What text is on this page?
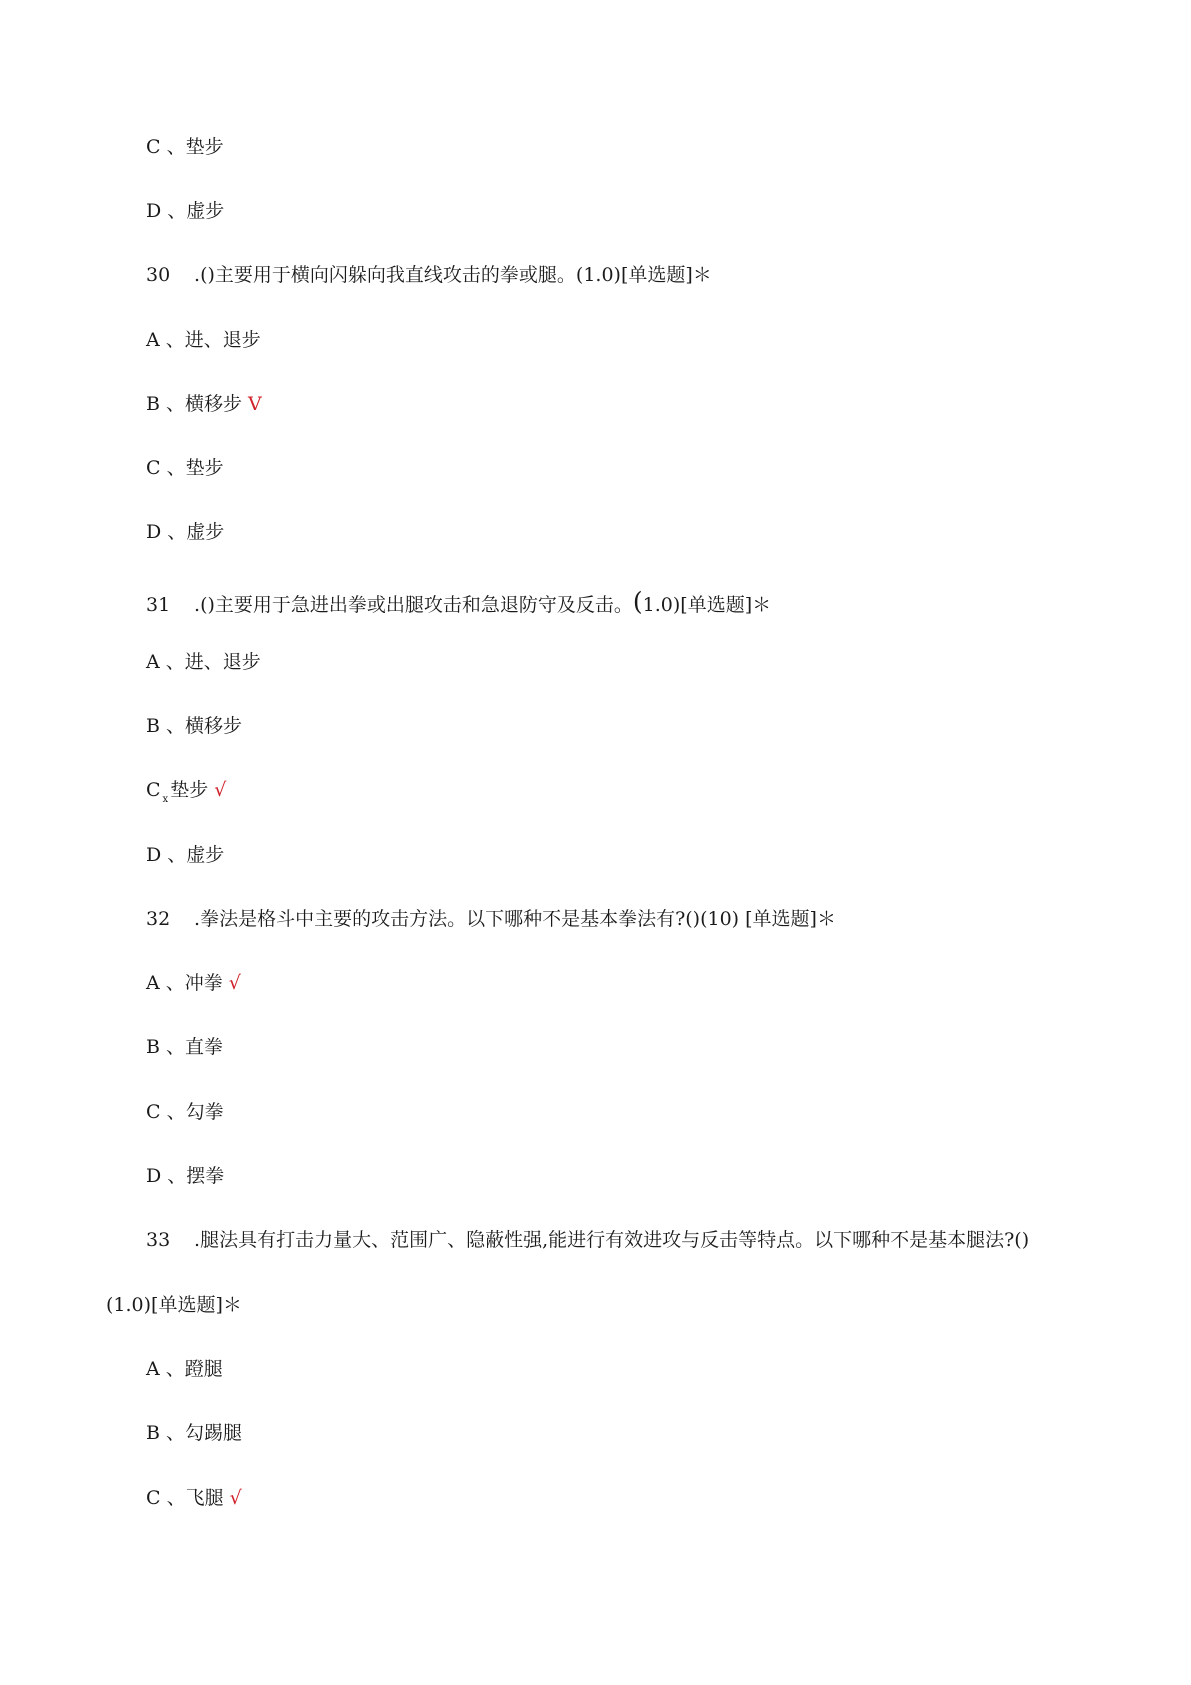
C 、垫步
D 、虚步
30 .()主要用于横向闪躲向我直线攻击的拳或腿。(1.0)[单选题]＊
A 、进、退步
B 、横移步 V
C 、垫步
D 、虚步
31 .()主要用于急进出拳或出腿攻击和急退防守及反击。(1.0)[单选题]＊
A 、进、退步
B 、横移步
C $_x$ 垫步 √
D 、虚步
32 .拳法是格斗中主要的攻击方法。以下哪种不是基本拳法有?()(10) [单选题]＊
A 、冲拳 √
B 、直拳
C 、勾拳
D 、摆拳
33 .腿法具有打击力量大、范围广、隐蔽性强,能进行有效进攻与反击等特点。以下哪种不是基本腿法?()
(1.0)[单选题]＊
A 、蹬腿
B 、勾踢腿
C 、飞腿 √
